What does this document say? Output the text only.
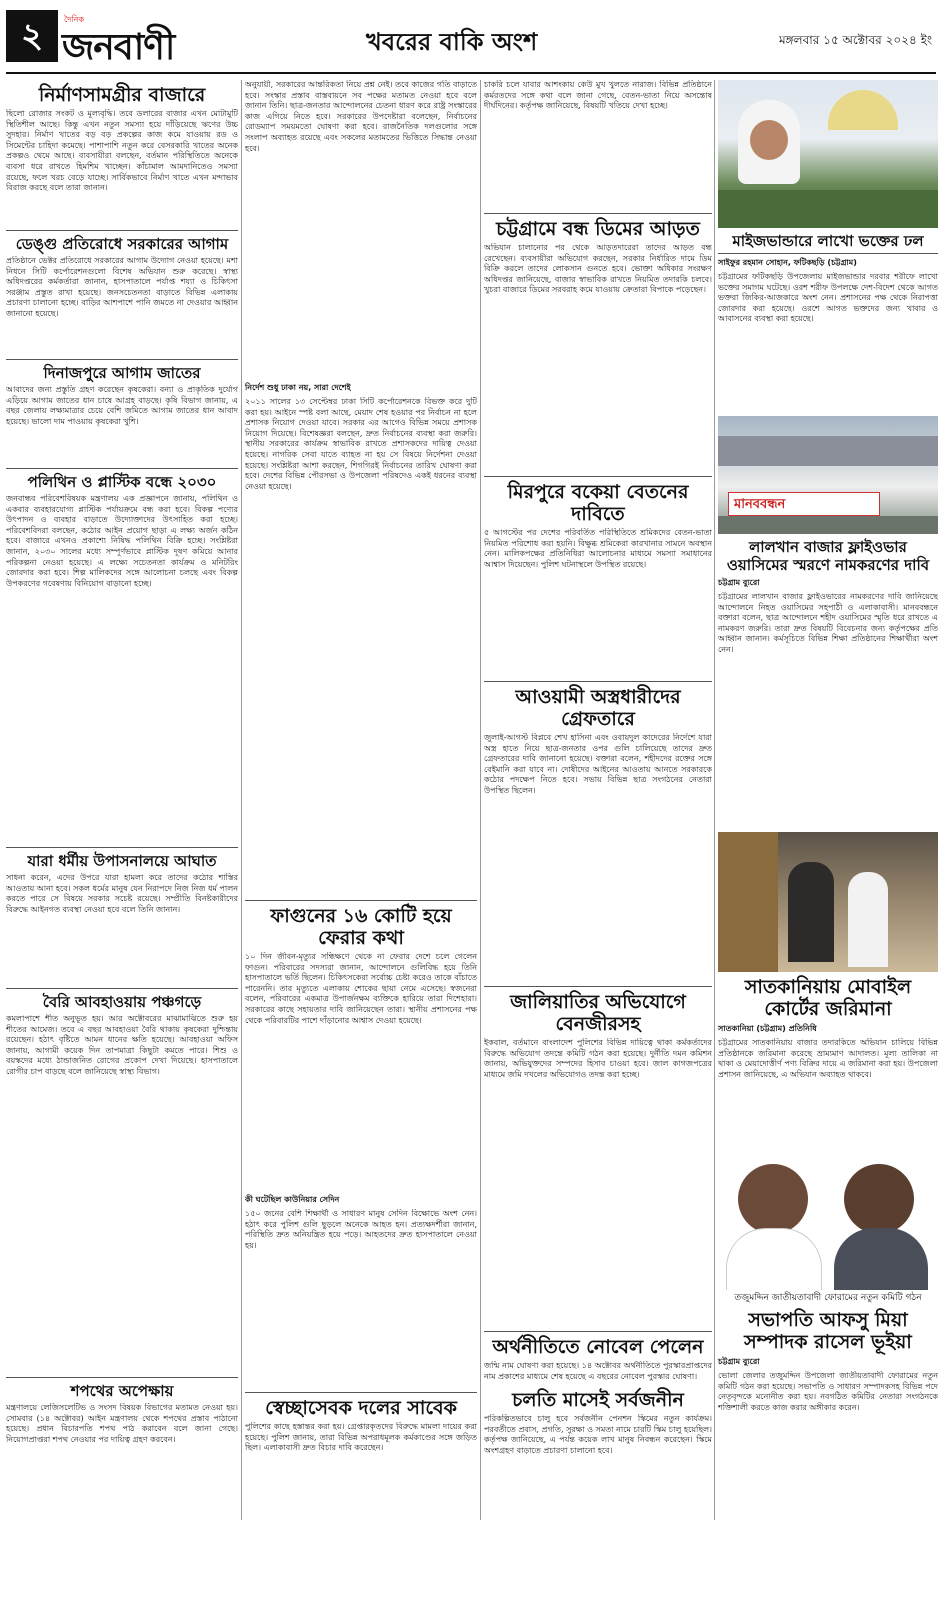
২	দৈনিক
জনবাণী	খবরের বাকি অংশ	মঙ্গলবার ১৫ অক্টোবর ২০২৪ ইং
নির্মাণসামগ্রীর বাজারে

ছিলো রোজার সংকট ও মূল্যবৃদ্ধি। তবে ডলারের বাজার এখন মোটামুটি স্থিতিশীল আছে। কিন্তু এখন নতুন সমস্যা হয়ে দাঁড়িয়েছে ঋণের উচ্চ সুদহার। নির্মাণ খাতের বড় বড় প্রকল্পের কাজ কমে যাওয়ায় রড ও সিমেন্টের চাহিদা কমেছে। পাশাপাশি নতুন করে বেসরকারি খাতের অনেক প্রকল্পও থেমে আছে। ব্যবসায়ীরা বলছেন, বর্তমান পরিস্থিতিতে অনেকে ব্যবসা ধরে রাখতে হিমশিম খাচ্ছেন। কাঁচামাল আমদানিতেও সমস্যা রয়েছে, ফলে খরচ বেড়ে যাচ্ছে। সার্বিকভাবে নির্মাণ খাতে এখন মন্দাভাব বিরাজ করছে বলে তারা জানান।

ডেঙ্গু প্রতিরোধে সরকারের আগাম

প্রতিষ্ঠানে ভেক্টর প্রতিরোধে সরকারের আগাম উদ্যোগ নেওয়া হয়েছে। মশা নিধনে সিটি কর্পোরেশনগুলো বিশেষ অভিযান শুরু করেছে। স্বাস্থ্য অধিদপ্তরের কর্মকর্তারা জানান, হাসপাতালে পর্যাপ্ত শয্যা ও চিকিৎসা সরঞ্জাম প্রস্তুত রাখা হয়েছে। জনসচেতনতা বাড়াতে বিভিন্ন এলাকায় প্রচারণা চালানো হচ্ছে। বাড়ির আশপাশে পানি জমতে না দেওয়ার আহ্বান জানানো হয়েছে।

দিনাজপুরে আগাম জাতের

আবাদের জন্য প্রস্তুতি গ্রহণ করেছেন কৃষকেরা। বন্যা ও প্রাকৃতিক দুর্যোগ এড়িয়ে আগাম জাতের ধান চাষে আগ্রহ বাড়ছে। কৃষি বিভাগ জানায়, এ বছর জেলায় লক্ষ্যমাত্রার চেয়ে বেশি জমিতে আগাম জাতের ধান আবাদ হয়েছে। ভালো দাম পাওয়ায় কৃষকেরা খুশি।

পলিথিন ও প্লাস্টিক বন্ধে ২০৩০

জনবান্ধব পরিবেশবিষয়ক মন্ত্রণালয় এক প্রজ্ঞাপনে জানায়, পলিথিন ও একবার ব্যবহারযোগ্য প্লাস্টিক পর্যায়ক্রমে বন্ধ করা হবে। বিকল্প পণ্যের উৎপাদন ও ব্যবহার বাড়াতে উদ্যোক্তাদের উৎসাহিত করা হচ্ছে। পরিবেশবিদরা বলছেন, কঠোর আইন প্রয়োগ ছাড়া এ লক্ষ্য অর্জন কঠিন হবে। বাজারে এখনও প্রকাশ্যে নিষিদ্ধ পলিথিন বিক্রি হচ্ছে। সংশ্লিষ্টরা জানান, ২০৩০ সালের মধ্যে সম্পূর্ণভাবে প্লাস্টিক দূষণ কমিয়ে আনার পরিকল্পনা নেওয়া হয়েছে। এ লক্ষ্যে সচেতনতা কার্যক্রম ও মনিটরিং জোরদার করা হবে। শিল্প মালিকদের সঙ্গে আলোচনা চলছে এবং বিকল্প উপকরণের গবেষণায় বিনিয়োগ বাড়ানো হচ্ছে।

যারা ধর্মীয় উপাসনালয়ে আঘাত

সাধনা করেন, এদের উপরে যারা হামলা করে তাদের কঠোর শাস্তির আওতায় আনা হবে। সকল ধর্মের মানুষ যেন নিরাপদে নিজ নিজ ধর্ম পালন করতে পারে সে বিষয়ে সরকার সচেষ্ট রয়েছে। সম্প্রীতি বিনষ্টকারীদের বিরুদ্ধে আইনগত ব্যবস্থা নেওয়া হবে বলে তিনি জানান।

বৈরি আবহাওয়ায় পঞ্চগড়ে

কমলাপাশে শীত অনুভূত হয়। আর অক্টোবরের মাঝামাঝিতে শুরু হয় শীতের আমেজ। তবে এ বছর আবহাওয়া বৈরি থাকায় কৃষকেরা দুশ্চিন্তায় রয়েছেন। হঠাৎ বৃষ্টিতে আমন ধানের ক্ষতি হয়েছে। আবহাওয়া অফিস জানায়, আগামী কয়েক দিন তাপমাত্রা কিছুটা কমতে পারে। শিশু ও বয়স্কদের মধ্যে ঠান্ডাজনিত রোগের প্রকোপ দেখা দিয়েছে। হাসপাতালে রোগীর চাপ বাড়ছে বলে জানিয়েছে স্বাস্থ্য বিভাগ।

শপথের অপেক্ষায়

মন্ত্রণালয়ে লেজিসলেটিভ ও সংসদ বিষয়ক বিভাগের মতামত নেওয়া হয়। সোমবার (১৪ অক্টোবর) আইন মন্ত্রণালয় থেকে শপথের প্রস্তাব পাঠানো হয়েছে। প্রধান বিচারপতি শপথ পাঠ করাবেন বলে জানা গেছে। নিয়োগপ্রাপ্তরা শপথ নেওয়ার পর দায়িত্ব গ্রহণ করবেন।

অনুযায়ী, সরকারের আন্তরিকতা নিয়ে প্রশ্ন নেই। তবে কাজের গতি বাড়াতে হবে। সংস্কার প্রস্তাব বাস্তবায়নে সব পক্ষের মতামত নেওয়া হবে বলে জানান তিনি। ছাত্র-জনতার আন্দোলনের চেতনা ধারণ করে রাষ্ট্র সংস্কারের কাজ এগিয়ে নিতে হবে। সরকারের উপদেষ্টারা বলেছেন, নির্বাচনের রোডম্যাপ সময়মতো ঘোষণা করা হবে। রাজনৈতিক দলগুলোর সঙ্গে সংলাপ অব্যাহত রয়েছে এবং সকলের মতামতের ভিত্তিতে সিদ্ধান্ত নেওয়া হবে।

নির্দেশ শুধু ঢাকা নয়, সারা দেশেই

২০১১ সালের ১৩ সেপ্টেম্বর ঢাকা সিটি কর্পোরেশনকে বিভক্ত করে দুটি করা হয়। আইনে স্পষ্ট বলা আছে, মেয়াদ শেষ হওয়ার পর নির্বাচন না হলে প্রশাসক নিয়োগ দেওয়া যাবে। সরকার এর আগেও বিভিন্ন সময়ে প্রশাসক নিয়োগ দিয়েছে। বিশেষজ্ঞরা বলছেন, দ্রুত নির্বাচনের ব্যবস্থা করা জরুরি। স্থানীয় সরকারের কার্যক্রম স্বাভাবিক রাখতে প্রশাসকদের দায়িত্ব দেওয়া হয়েছে। নাগরিক সেবা যাতে ব্যাহত না হয় সে বিষয়ে নির্দেশনা দেওয়া হয়েছে। সংশ্লিষ্টরা আশা করছেন, শিগগিরই নির্বাচনের তারিখ ঘোষণা করা হবে। দেশের বিভিন্ন পৌরসভা ও উপজেলা পরিষদেও একই ধরনের ব্যবস্থা নেওয়া হয়েছে।

ফাগুনের ১৬ কোটি হয়ে ফেরার কথা

১০ দিন জীবন-মৃত্যুর সন্ধিক্ষণে থেকে না ফেরার দেশে চলে গেলেন ফাগুন। পরিবারের সদস্যরা জানান, আন্দোলনে গুলিবিদ্ধ হয়ে তিনি হাসপাতালে ভর্তি ছিলেন। চিকিৎসকেরা সর্বোচ্চ চেষ্টা করেও তাকে বাঁচাতে পারেননি। তার মৃত্যুতে এলাকায় শোকের ছায়া নেমে এসেছে। স্বজনেরা বলেন, পরিবারের একমাত্র উপার্জনক্ষম ব্যক্তিকে হারিয়ে তারা দিশেহারা। সরকারের কাছে সহায়তার দাবি জানিয়েছেন তারা। স্থানীয় প্রশাসনের পক্ষ থেকে পরিবারটির পাশে দাঁড়ানোর আশ্বাস দেওয়া হয়েছে।

কী ঘটেছিল কাউনিয়ার সেদিন

১৫০ জনের বেশি শিক্ষার্থী ও সাধারণ মানুষ সেদিন বিক্ষোভে অংশ নেন। হঠাৎ করে পুলিশ গুলি ছুড়লে অনেকে আহত হন। প্রত্যক্ষদর্শীরা জানান, পরিস্থিতি দ্রুত অনিয়ন্ত্রিত হয়ে পড়ে। আহতদের দ্রুত হাসপাতালে নেওয়া হয়।

স্বেচ্ছাসেবক দলের সাবেক

পুলিশের কাছে হস্তান্তর করা হয়। গ্রেপ্তারকৃতদের বিরুদ্ধে মামলা দায়ের করা হয়েছে। পুলিশ জানায়, তারা বিভিন্ন অপরাধমূলক কর্মকাণ্ডের সঙ্গে জড়িত ছিল। এলাকাবাসী দ্রুত বিচার দাবি করেছেন।

চাকরি চলে যাবার আশংকায় কেউ মুখ খুলতে নারাজ। বিভিন্ন প্রতিষ্ঠানে কর্মরতদের সঙ্গে কথা বলে জানা গেছে, বেতন-ভাতা নিয়ে অসন্তোষ দীর্ঘদিনের। কর্তৃপক্ষ জানিয়েছে, বিষয়টি খতিয়ে দেখা হচ্ছে।

চট্টগ্রামে বন্ধ ডিমের আড়ত

অভিযান চালানোর পর থেকে আড়তদারেরা তাদের আড়ত বন্ধ রেখেছেন। ব্যবসায়ীরা অভিযোগ করছেন, সরকার নির্ধারিত দামে ডিম বিক্রি করলে তাদের লোকসান গুনতে হবে। ভোক্তা অধিকার সংরক্ষণ অধিদপ্তর জানিয়েছে, বাজার স্বাভাবিক রাখতে নিয়মিত তদারকি চলবে। খুচরা বাজারে ডিমের সরবরাহ কমে যাওয়ায় ক্রেতারা বিপাকে পড়েছেন।

মিরপুরে বকেয়া বেতনের দাবিতে

৫ আগস্টের পর দেশের পরিবর্তিত পরিস্থিতিতে শ্রমিকদের বেতন-ভাতা নিয়মিত পরিশোধ করা হয়নি। বিক্ষুব্ধ শ্রমিকেরা কারখানার সামনে অবস্থান নেন। মালিকপক্ষের প্রতিনিধিরা আলোচনার মাধ্যমে সমস্যা সমাধানের আশ্বাস দিয়েছেন। পুলিশ ঘটনাস্থলে উপস্থিত রয়েছে।

আওয়ামী অস্ত্রধারীদের গ্রেফতারে

জুলাই-আগস্ট বিপ্লবে শেখ হাসিনা এবং ওবায়দুল কাদেরের নির্দেশে যারা অস্ত্র হাতে নিয়ে ছাত্র-জনতার ওপর গুলি চালিয়েছে তাদের দ্রুত গ্রেফতারের দাবি জানানো হয়েছে। বক্তারা বলেন, শহীদদের রক্তের সঙ্গে বেইমানি করা যাবে না। দোষীদের আইনের আওতায় আনতে সরকারকে কঠোর পদক্ষেপ নিতে হবে। সভায় বিভিন্ন ছাত্র সংগঠনের নেতারা উপস্থিত ছিলেন।

জালিয়াতির অভিযোগে বেনজীরসহ

ইকবাল, বর্তমানে বাংলাদেশ পুলিশের বিভিন্ন দায়িত্বে থাকা কর্মকর্তাদের বিরুদ্ধে অভিযোগ তদন্তে কমিটি গঠন করা হয়েছে। দুর্নীতি দমন কমিশন জানায়, অভিযুক্তদের সম্পদের হিসাব চাওয়া হবে। জাল কাগজপত্রের মাধ্যমে জমি দখলের অভিযোগও তদন্ত করা হচ্ছে।

অর্থনীতিতে নোবেল পেলেন

জন্মি নাম ঘোষণা করা হয়েছে। ১৪ অক্টোবর অর্থনীতিতে পুরস্কারপ্রাপ্তদের নাম প্রকাশের মাধ্যমে শেষ হয়েছে এ বছরের নোবেল পুরস্কার ঘোষণা।

চলতি মাসেই সর্বজনীন

পরিকল্পিতভাবে চালু হবে সর্বজনীন পেনশন স্কিমের নতুন কার্যক্রম। পরবর্তীতে প্রবাস, প্রগতি, সুরক্ষা ও সমতা নামে চারটি স্কিম চালু হয়েছিল। কর্তৃপক্ষ জানিয়েছে, এ পর্যন্ত কয়েক লাখ মানুষ নিবন্ধন করেছেন। স্কিমে অংশগ্রহণ বাড়াতে প্রচারণা চালানো হবে।

মাইজভান্ডারে লাখো ভক্তের ঢল
সাইফুর রহমান সোহান, ফটিকছড়ি (চট্টগ্রাম)

চট্টগ্রামের ফটিকছড়ি উপজেলায় মাইজভান্ডার দরবার শরীফে লাখো ভক্তের সমাগম ঘটেছে। ওরশ শরীফ উপলক্ষে দেশ-বিদেশ থেকে আগত ভক্তরা জিকির-আজকারে অংশ নেন। প্রশাসনের পক্ষ থেকে নিরাপত্তা জোরদার করা হয়েছে। ওরশে আগত ভক্তদের জন্য খাবার ও আবাসনের ব্যবস্থা করা হয়েছে।

মানববন্ধন
লালখান বাজার ফ্লাইওভার ওয়াসিমের স্মরণে নামকরণের দাবি
চট্টগ্রাম ব্যুরো

চট্টগ্রামের লালখান বাজার ফ্লাইওভারের নামকরণের দাবি জানিয়েছে আন্দোলনে নিহত ওয়াসিমের সহপাঠী ও এলাকাবাসী। মানববন্ধনে বক্তারা বলেন, ছাত্র আন্দোলনে শহীদ ওয়াসিমের স্মৃতি ধরে রাখতে এ নামকরণ জরুরি। তারা দ্রুত বিষয়টি বিবেচনার জন্য কর্তৃপক্ষের প্রতি আহ্বান জানান। কর্মসূচিতে বিভিন্ন শিক্ষা প্রতিষ্ঠানের শিক্ষার্থীরা অংশ নেন।

সাতকানিয়ায় মোবাইল কোর্টের জরিমানা
সাতকানিয়া (চট্টগ্রাম) প্রতিনিধি

চট্টগ্রামের সাতকানিয়ায় বাজার তদারকিতে অভিযান চালিয়ে বিভিন্ন প্রতিষ্ঠানকে জরিমানা করেছে ভ্রাম্যমাণ আদালত। মূল্য তালিকা না থাকা ও মেয়াদোত্তীর্ণ পণ্য বিক্রির দায়ে এ জরিমানা করা হয়। উপজেলা প্রশাসন জানিয়েছে, এ অভিযান অব্যাহত থাকবে।

তজুমদ্দিন জাতীয়তাবাদী ফোরামের নতুন কমিটি গঠন
সভাপতি আফসু মিয়া সম্পাদক রাসেল ভূইয়া
চট্টগ্রাম ব্যুরো

ভোলা জেলার তজুমদ্দিন উপজেলা জাতীয়তাবাদী ফোরামের নতুন কমিটি গঠন করা হয়েছে। সভাপতি ও সাধারণ সম্পাদকসহ বিভিন্ন পদে নেতৃবৃন্দকে মনোনীত করা হয়। নবগঠিত কমিটির নেতারা সংগঠনকে শক্তিশালী করতে কাজ করার অঙ্গীকার করেন।
